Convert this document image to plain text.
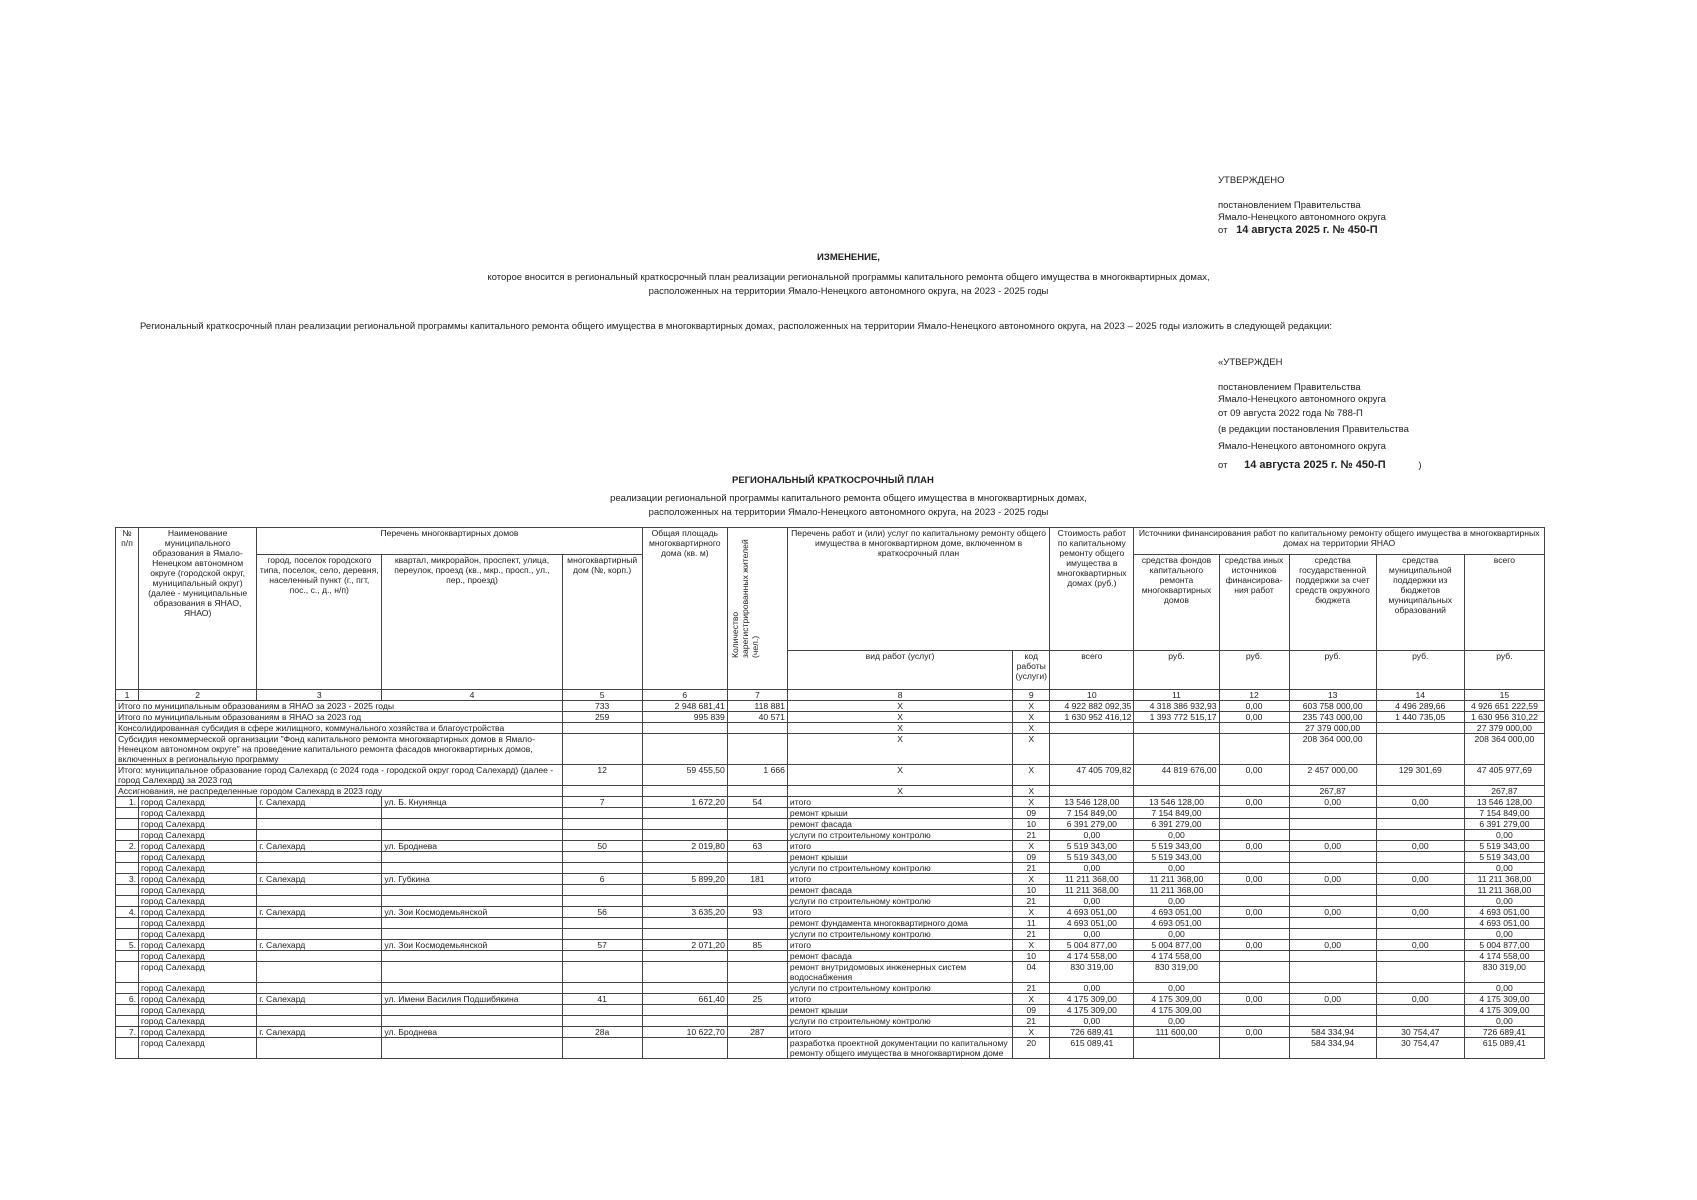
УТВЕРЖДЕНО
постановлением Правительства
Ямало-Ненецкого автономного округа
от 14 августа 2025 г. № 450-П
ИЗМЕНЕНИЕ,
которое вносится в региональный краткосрочный план реализации региональной программы капитального ремонта общего имущества в многоквартирных домах,
расположенных на территории Ямало-Ненецкого автономного округа, на 2023 - 2025 годы
Региональный краткосрочный план реализации региональной программы капитального ремонта общего имущества в многоквартирных домах, расположенных на территории Ямало-Ненецкого автономного округа, на 2023 – 2025 годы изложить в следующей редакции:
«УТВЕРЖДЕН
постановлением Правительства
Ямало-Ненецкого автономного округа
от 09 августа 2022 года № 788-П
(в редакции постановления Правительства
Ямало-Ненецкого автономного округа
от 14 августа 2025 г. № 450-П	)
РЕГИОНАЛЬНЫЙ КРАТКОСРОЧНЫЙ ПЛАН
реализации региональной программы капитального ремонта общего имущества в многоквартирных домах,
расположенных на территории Ямало-Ненецкого автономного округа, на 2023 - 2025 годы
№ п/п	Наименование муниципального образования в Ямало-Ненецком автономном округе (городской округ, муниципальный округ) (далее - муниципальные образования в ЯНАО, ЯНАО)	Перечень многоквартирных домов			Общая площадь многоквартирного дома (кв. м)	Количество зарегистрированных жителей (чел.)	Перечень работ и (или) услуг по капитальному ремонту общего имущества в многоквартирном доме, включенном в краткосрочный план		Стоимость работ по капитальному ремонту общего имущества в многоквартирных домах (руб.)	Источники финансирования работ по капитальному ремонту общего имущества в многоквартирных домах на территории ЯНАО				
		город, поселок городского типа, поселок, село, деревня, населенный пункт (г., пгт, пос., с., д., н/п)	квартал, микрорайон, проспект, улица, переулок, проезд (кв., мкр., просп., ул., пер., проезд)	многоквартирный дом (№, корп.)						средства фондов капитального ремонта многоквартирных домов	средства иных источников финансирова-ния работ	средства государственной поддержки за счет средств окружного бюджета	средства муниципальной поддержки из бюджетов муниципальных образований	всего
							вид работ (услуг)	код работы (услуги)	всего	руб.	руб.	руб.	руб.	руб.
1	2	3	4	5	6	7	8	9	10	11	12	13	14	15
Итого по муниципальным образованиям в ЯНАО за 2023 - 2025 годы				733	2 948 681,41	118 881	X	X	4 922 882 092,35	4 318 386 932,93	0,00	603 758 000,00	4 496 289,66	4 926 651 222,59
Итого по муниципальным образованиям в ЯНАО за 2023 год				259	995 839	40 571	X	X	1 630 952 416,12	1 393 772 515,17	0,00	235 743 000,00	1 440 735,05	1 630 956 310,22
Консолидированная субсидия в сфере жилищного, коммунального хозяйства и благоустройства							X	X				27 379 000,00		27 379 000,00
Субсидия некоммерческой организации "Фонд капитального ремонта многоквартирных домов в Ямало-Ненецком автономном округе" на проведение капитального ремонта фасадов многоквартирных домов, включенных в региональную программу							X	X				208 364 000,00		208 364 000,00
Итого: муниципальное образование город Салехард (с 2024 года - городской округ город Салехард) (далее - город Салехард) за 2023 год				12	59 455,50	1 666	X	X	47 405 709,82	44 819 676,00	0,00	2 457 000,00	129 301,69	47 405 977,69
Ассигнования, не распределенные городом Салехард в 2023 году							X	X				267,87		267,87
1.	город Салехард	г. Салехард	ул. Б. Кнунянца	7	1 672,20	54	итого	X	13 546 128,00	13 546 128,00	0,00	0,00	0,00	13 546 128,00
	город Салехард						ремонт крыши	09	7 154 849,00	7 154 849,00				7 154 849,00
	город Салехард						ремонт фасада	10	6 391 279,00	6 391 279,00				6 391 279,00
	город Салехард						услуги по строительному контролю	21	0,00	0,00				0,00
2.	город Салехард	г. Салехард	ул. Броднева	50	2 019,80	63	итого	X	5 519 343,00	5 519 343,00	0,00	0,00	0,00	5 519 343,00
	город Салехард						ремонт крыши	09	5 519 343,00	5 519 343,00				5 519 343,00
	город Салехард						услуги по строительному контролю	21	0,00	0,00				0,00
3.	город Салехард	г. Салехард	ул. Губкина	6	5 899,20	181	итого	X	11 211 368,00	11 211 368,00	0,00	0,00	0,00	11 211 368,00
	город Салехард						ремонт фасада	10	11 211 368,00	11 211 368,00				11 211 368,00
	город Салехард						услуги по строительному контролю	21	0,00	0,00				0,00
4.	город Салехард	г. Салехард	ул. Зои Космодемьянской	56	3 635,20	93	итого	X	4 693 051,00	4 693 051,00	0,00	0,00	0,00	4 693 051,00
	город Салехард						ремонт фундамента многоквартирного дома	11	4 693 051,00	4 693 051,00				4 693 051,00
	город Салехард						услуги по строительному контролю	21	0,00	0,00				0,00
5.	город Салехард	г. Салехард	ул. Зои Космодемьянской	57	2 071,20	85	итого	X	5 004 877,00	5 004 877,00	0,00	0,00	0,00	5 004 877,00
	город Салехард						ремонт фасада	10	4 174 558,00	4 174 558,00				4 174 558,00
	город Салехард						ремонт внутридомовых инженерных систем водоснабжения	04	830 319,00	830 319,00				830 319,00
	город Салехард						услуги по строительному контролю	21	0,00	0,00				0,00
6.	город Салехард	г. Салехард	ул. Имени Василия Подшибякина	41	661,40	25	итого	X	4 175 309,00	4 175 309,00	0,00	0,00	0,00	4 175 309,00
	город Салехард						ремонт крыши	09	4 175 309,00	4 175 309,00				4 175 309,00
	город Салехард						услуги по строительному контролю	21	0,00	0,00				0,00
7.	город Салехард	г. Салехард	ул. Броднева	28а	10 622,70	287	итого	X	726 689,41	111 600,00	0,00	584 334,94	30 754,47	726 689,41
	город Салехард						разработка проектной документации по капитальному ремонту общего имущества в многоквартирном доме	20	615 089,41			584 334,94	30 754,47	615 089,41
